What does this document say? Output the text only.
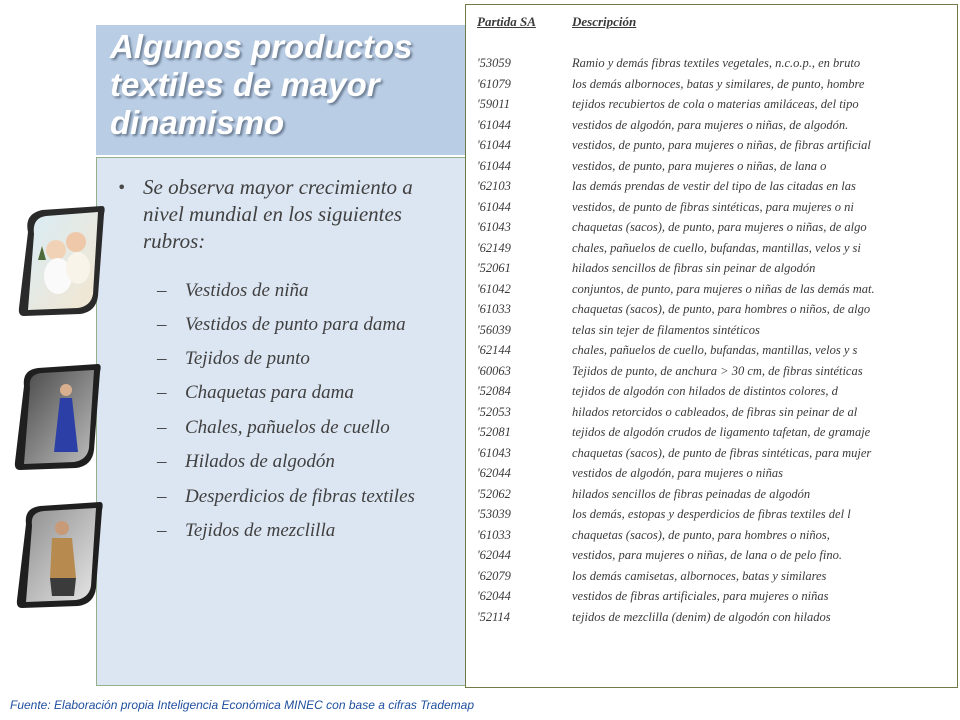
Algunos productos textiles de mayor dinamismo
• Se observa mayor crecimiento a nivel mundial en los siguientes rubros:

– Vestidos de niña

– Vestidos de punto para dama

– Tejidos de punto

– Chaquetas para dama

– Chales, pañuelos de cuello

– Hilados de algodón

– Desperdicios de fibras textiles

– Tejidos de mezclilla

Partida SA	Descripción
'53059	Ramio y demás fibras textiles vegetales, n.c.o.p., en bruto
'61079	los demás albornoces, batas y similares, de punto, hombre
'59011	tejidos recubiertos de cola o materias amiláceas, del tipo
'61044	vestidos de algodón, para mujeres o niñas, de algodón.
'61044	vestidos, de punto, para mujeres o niñas, de fibras artificial
'61044	vestidos, de punto, para mujeres o niñas, de lana o
'62103	las demás prendas de vestir del tipo de las citadas en las
'61044	vestidos, de punto de fibras sintéticas, para mujeres o ni
'61043	chaquetas (sacos), de punto, para mujeres o niñas, de algo
'62149	chales, pañuelos de cuello, bufandas, mantillas, velos y si
'52061	hilados sencillos de fibras sin peinar de algodón
'61042	conjuntos, de punto, para mujeres o niñas de las demás mat.
'61033	chaquetas (sacos), de punto, para hombres o niños, de algo
'56039	telas sin tejer de filamentos sintéticos
'62144	chales, pañuelos de cuello, bufandas, mantillas, velos y s
'60063	Tejidos de punto, de anchura > 30 cm, de fibras sintéticas
'52084	tejidos de algodón con hilados de distintos colores, d
'52053	hilados retorcidos o cableados, de fibras sin peinar de al
'52081	tejidos de algodón crudos de ligamento tafetan, de gramaje
'61043	chaquetas (sacos), de punto de fibras sintéticas, para mujer
'62044	vestidos de algodón, para mujeres o niñas
'52062	hilados sencillos de fibras peinadas de algodón
'53039	los demás, estopas y desperdicios de fibras textiles del l
'61033	chaquetas (sacos), de punto, para hombres o niños,
'62044	vestidos, para mujeres o niñas, de lana o de pelo fino.
'62079	los demás camisetas, albornoces, batas y similares
'62044	vestidos de fibras artificiales, para mujeres o niñas
'52114	tejidos de mezclilla (denim) de algodón con hilados
Fuente: Elaboración propia Inteligencia Económica MINEC con base a cifras Trademap
